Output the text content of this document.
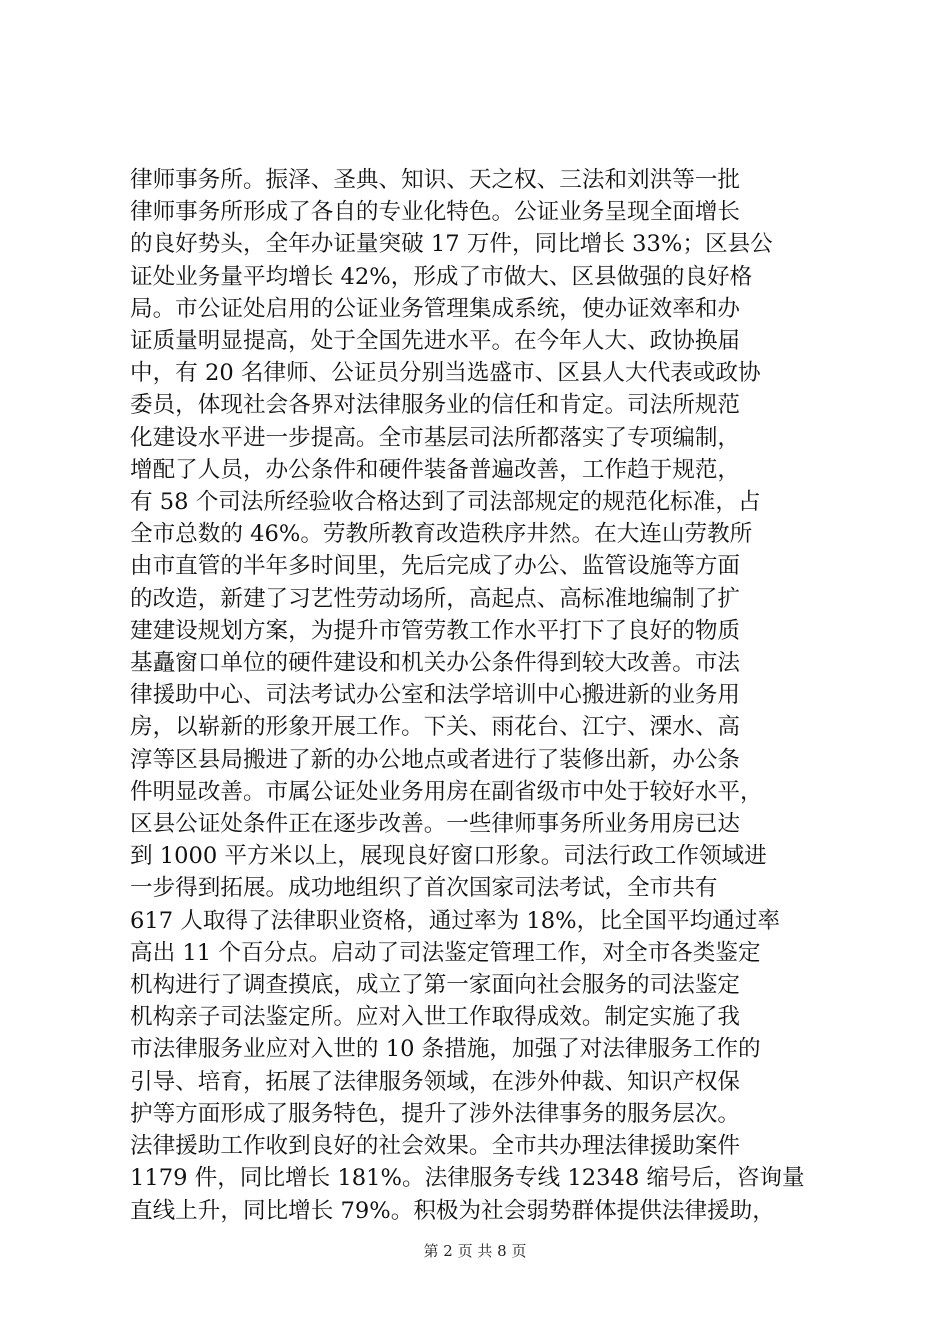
律师事务所。振泽、圣典、知识、天之权、三法和刘洪等一批
律师事务所形成了各自的专业化特色。公证业务呈现全面增长
的良好势头，全年办证量突破 17 万件，同比增长 33%；区县公
证处业务量平均增长 42%，形成了市做大、区县做强的良好格
局。市公证处启用的公证业务管理集成系统，使办证效率和办
证质量明显提高，处于全国先进水平。在今年人大、政协换届
中，有 20 名律师、公证员分别当选盛市、区县人大代表或政协
委员，体现社会各界对法律服务业的信任和肯定。司法所规范
化建设水平进一步提高。全市基层司法所都落实了专项编制，
增配了人员，办公条件和硬件装备普遍改善，工作趋于规范，
有 58 个司法所经验收合格达到了司法部规定的规范化标准，占
全市总数的 46%。劳教所教育改造秩序井然。在大连山劳教所
由市直管的半年多时间里，先后完成了办公、监管设施等方面
的改造，新建了习艺性劳动场所，高起点、高标准地编制了扩
建建设规划方案，为提升市管劳教工作水平打下了良好的物质
基矗窗口单位的硬件建设和机关办公条件得到较大改善。市法
律援助中心、司法考试办公室和法学培训中心搬进新的业务用
房，以崭新的形象开展工作。下关、雨花台、江宁、溧水、高
淳等区县局搬进了新的办公地点或者进行了装修出新，办公条
件明显改善。市属公证处业务用房在副省级市中处于较好水平，
区县公证处条件正在逐步改善。一些律师事务所业务用房已达
到 1000 平方米以上，展现良好窗口形象。司法行政工作领域进
一步得到拓展。成功地组织了首次国家司法考试，全市共有
617 人取得了法律职业资格，通过率为 18%，比全国平均通过率
高出 11 个百分点。启动了司法鉴定管理工作，对全市各类鉴定
机构进行了调查摸底，成立了第一家面向社会服务的司法鉴定
机构亲子司法鉴定所。应对入世工作取得成效。制定实施了我
市法律服务业应对入世的 10 条措施，加强了对法律服务工作的
引导、培育，拓展了法律服务领域，在涉外仲裁、知识产权保
护等方面形成了服务特色，提升了涉外法律事务的服务层次。
法律援助工作收到良好的社会效果。全市共办理法律援助案件
1179 件，同比增长 181%。法律服务专线 12348 缩号后，咨询量
直线上升，同比增长 79%。积极为社会弱势群体提供法律援助，
第 2 页 共 8 页
